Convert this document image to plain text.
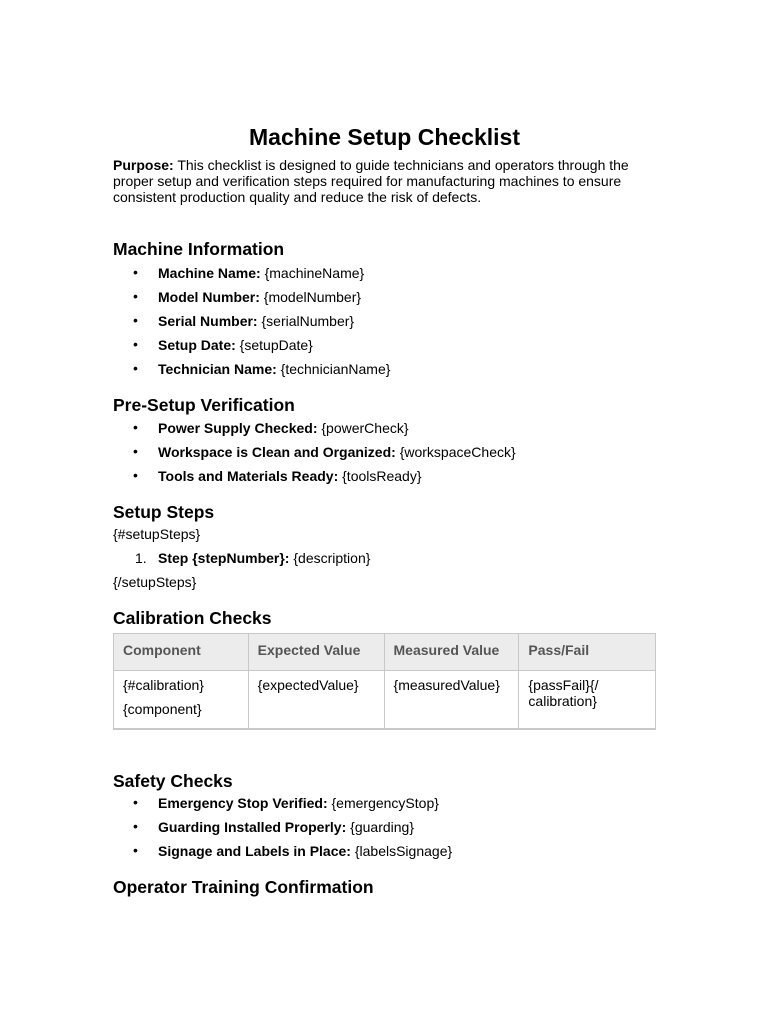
Machine Setup Checklist

Purpose: This checklist is designed to guide technicians and operators through the proper setup and verification steps required for manufacturing machines to ensure consistent production quality and reduce the risk of defects.

Machine Information
• Machine Name: {machineName}
• Model Number: {modelNumber}
• Serial Number: {serialNumber}
• Setup Date: {setupDate}
• Technician Name: {technicianName}
Pre-Setup Verification
• Power Supply Checked: {powerCheck}
• Workspace is Clean and Organized: {workspaceCheck}
• Tools and Materials Ready: {toolsReady}
Setup Steps
{#setupSteps}
1. Step {stepNumber}: {description}
{/setupSteps}
Calibration Checks
Component	Expected Value	Measured Value	Pass/Fail

{#calibration}
{component}	{expectedValue}	{measuredValue}	{passFail}{/ calibration}
Safety Checks
• Emergency Stop Verified: {emergencyStop}
• Guarding Installed Properly: {guarding}
• Signage and Labels in Place: {labelsSignage}
Operator Training Confirmation
